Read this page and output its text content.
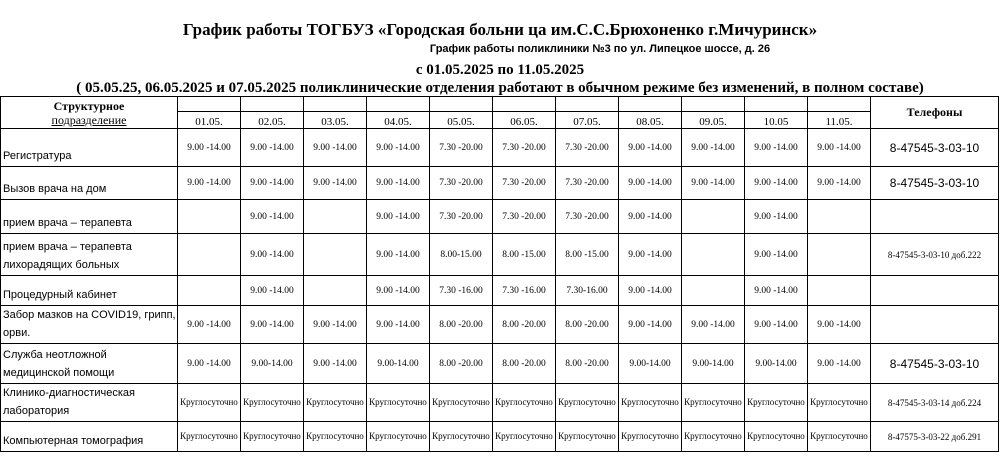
График работы ТОГБУЗ «Городская больни ца им.С.С.Брюхоненко г.Мичуринск»
График работы поликлиники №3 по ул. Липецкое шоссе, д. 26
с 01.05.2025 по 11.05.2025
( 05.05.25, 06.05.2025 и 07.05.2025 поликлинические отделения работают в обычном режиме без изменений, в полном составе)
Структурное
подразделение												Телефоны
	01.05.	02.05.	03.05.	04.05.	05.05.	06.05.	07.05.	08.05.	09.05.	10.05	11.05.	
Регистратура	9.00 -14.00	9.00 -14.00	9.00 -14.00	9.00 -14.00	7.30 -20.00	7.30 -20.00	7.30 -20.00	9.00 -14.00	9.00 -14.00	9.00 -14.00	9.00 -14.00	8-47545-3-03-10
Вызов врача на дом	9.00 -14.00	9.00 -14.00	9.00 -14.00	9.00 -14.00	7.30 -20.00	7.30 -20.00	7.30 -20.00	9.00 -14.00	9.00 -14.00	9.00 -14.00	9.00 -14.00	8-47545-3-03-10
прием врача – терапевта		9.00 -14.00		9.00 -14.00	7.30 -20.00	7.30 -20.00	7.30 -20.00	9.00 -14.00		9.00 -14.00		
прием врача – терапевта лихорадящих больных		9.00 -14.00		9.00 -14.00	8.00-15.00	8.00 -15.00	8.00 -15.00	9.00 -14.00		9.00 -14.00		8-47545-3-03-10 доб.222
Процедурный кабинет		9.00 -14.00		9.00 -14.00	7.30 -16.00	7.30 -16.00	7.30-16.00	9.00 -14.00		9.00 -14.00		
Забор мазков на COVID19, грипп, орви.	9.00 -14.00	9.00 -14.00	9.00 -14.00	9.00 -14.00	8.00 -20.00	8.00 -20.00	8.00 -20.00	9.00 -14.00	9.00 -14.00	9.00 -14.00	9.00 -14.00	
Служба неотложной медицинской помощи	9.00 -14.00	9.00-14.00	9.00 -14.00	9.00-14.00	8.00 -20.00	8.00 -20.00	8.00 -20.00	9.00-14.00	9.00-14.00	9.00-14.00	9.00 -14.00	8-47545-3-03-10
Клинико-диагностическая лаборатория	Круглосуточно	Круглосуточно	Круглосуточно	Круглосуточно	Круглосуточно	Круглосуточно	Круглосуточно	Круглосуточно	Круглосуточно	Круглосуточно	Круглосуточно	8-47545-3-03-14 доб.224
Компьютерная томография	Круглосуточно	Круглосуточно	Круглосуточно	Круглосуточно	Круглосуточно	Круглосуточно	Круглосуточно	Круглосуточно	Круглосуточно	Круглосуточно	Круглосуточно	8-47575-3-03-22 доб.291
